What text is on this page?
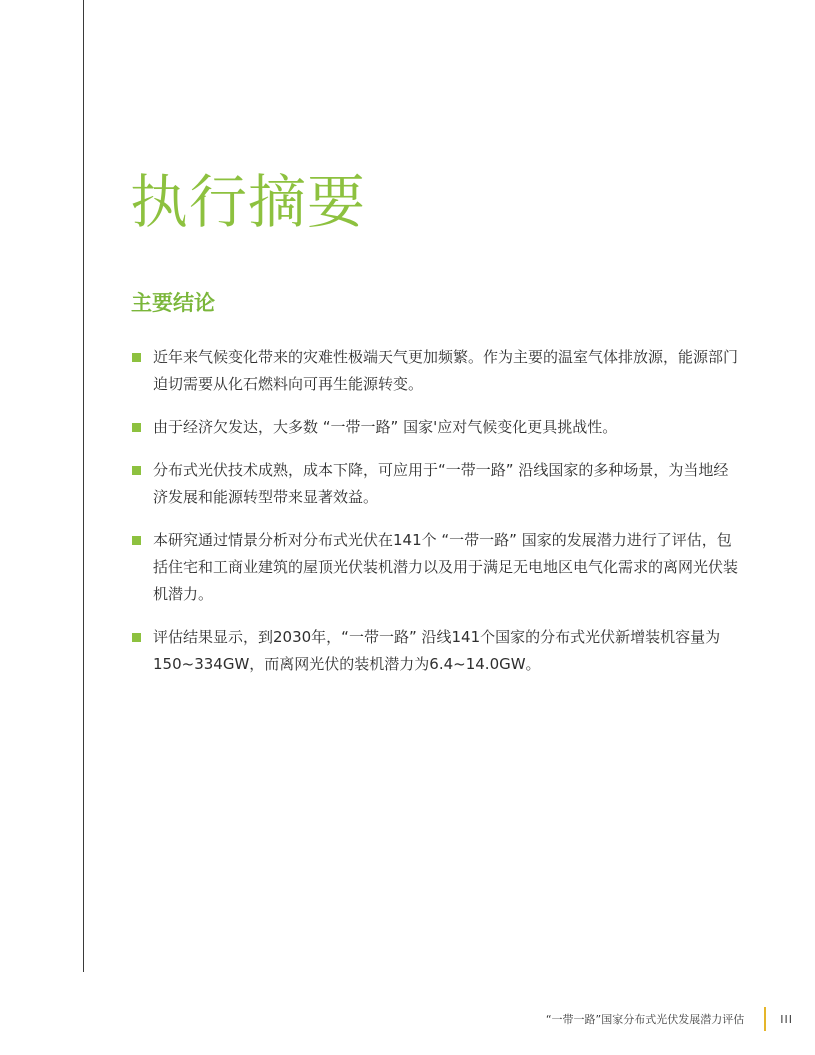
执行摘要
主要结论
近年来气候变化带来的灾难性极端天气更加频繁。作为主要的温室气体排放源，能源部门迫切需要从化石燃料向可再生能源转变。
由于经济欠发达，大多数 “一带一路” 国家'应对气候变化更具挑战性。
分布式光伏技术成熟，成本下降，可应用于“一带一路” 沿线国家的多种场景，为当地经济发展和能源转型带来显著效益。
本研究通过情景分析对分布式光伏在141个 “一带一路” 国家的发展潜力进行了评估，包括住宅和工商业建筑的屋顶光伏装机潜力以及用于满足无电地区电气化需求的离网光伏装机潜力。
评估结果显示，到2030年，“一带一路” 沿线141个国家的分布式光伏新增装机容量为150~334GW，而离网光伏的装机潜力为6.4~14.0GW。
“一带一路”国家分布式光伏发展潜力评估	III
